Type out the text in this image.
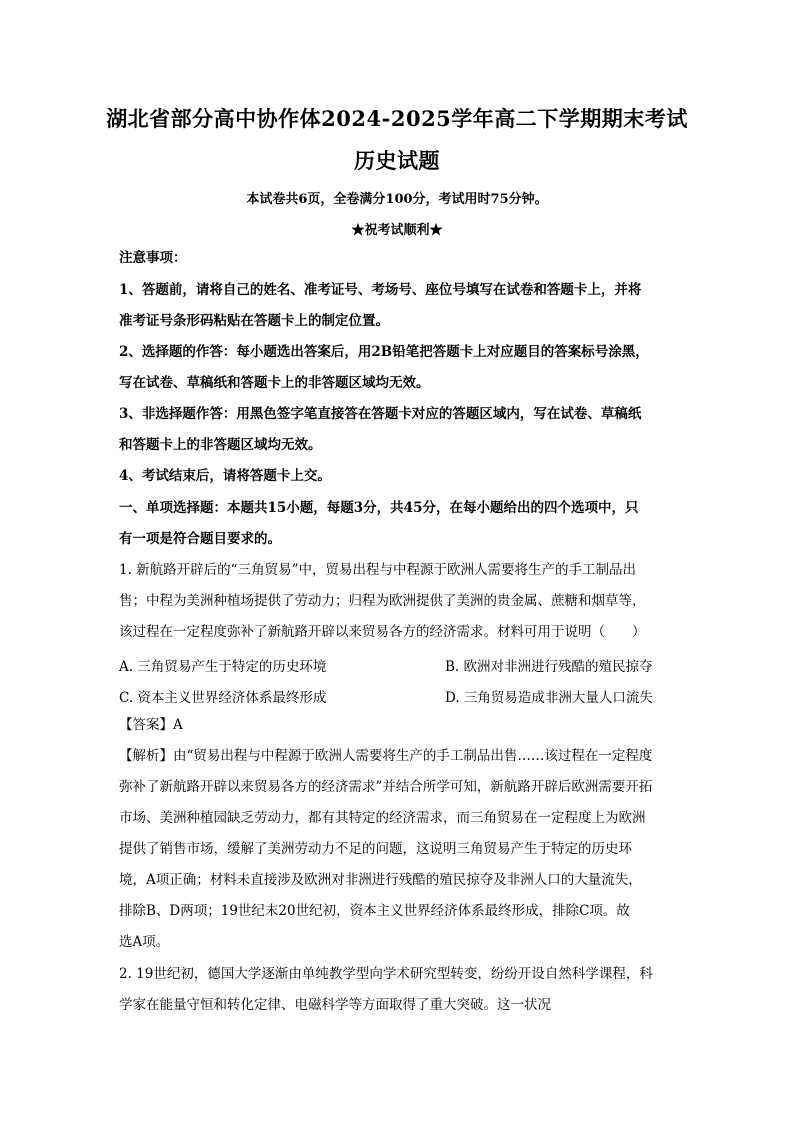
湖北省部分高中协作体2024-2025学年高二下学期期末考试
历史试题
本试卷共6页，全卷满分100分，考试用时75分钟。
★祝考试顺利★
注意事项：
1、答题前，请将自己的姓名、准考证号、考场号、座位号填写在试卷和答题卡上，并将
准考证号条形码粘贴在答题卡上的制定位置。
2、选择题的作答：每小题选出答案后，用2B铅笔把答题卡上对应题目的答案标号涂黑，
写在试卷、草稿纸和答题卡上的非答题区域均无效。
3、非选择题作答：用黑色签字笔直接答在答题卡对应的答题区域内，写在试卷、草稿纸
和答题卡上的非答题区域均无效。
4、考试结束后，请将答题卡上交。
一、单项选择题：本题共15小题，每题3分，共45分，在每小题给出的四个选项中，只
有一项是符合题目要求的。
1. 新航路开辟后的“三角贸易”中，贸易出程与中程源于欧洲人需要将生产的手工制品出
售；中程为美洲种植场提供了劳动力；归程为欧洲提供了美洲的贵金属、蔗糖和烟草等，
该过程在一定程度弥补了新航路开辟以来贸易各方的经济需求。材料可用于说明（　　）
A. 三角贸易产生于特定的历史环境	B. 欧洲对非洲进行残酷的殖民掠夺
C. 资本主义世界经济体系最终形成	D. 三角贸易造成非洲大量人口流失
【答案】A
【解析】由“贸易出程与中程源于欧洲人需要将生产的手工制品出售……该过程在一定程度
弥补了新航路开辟以来贸易各方的经济需求”并结合所学可知，新航路开辟后欧洲需要开拓
市场、美洲种植园缺乏劳动力，都有其特定的经济需求，而三角贸易在一定程度上为欧洲
提供了销售市场，缓解了美洲劳动力不足的问题，这说明三角贸易产生于特定的历史环
境，A项正确；材料未直接涉及欧洲对非洲进行残酷的殖民掠夺及非洲人口的大量流失，
排除B、D两项；19世纪末20世纪初，资本主义世界经济体系最终形成，排除C项。故
选A项。
2. 19世纪初，德国大学逐渐由单纯教学型向学术研究型转变，纷纷开设自然科学课程，科
学家在能量守恒和转化定律、电磁科学等方面取得了重大突破。这一状况
